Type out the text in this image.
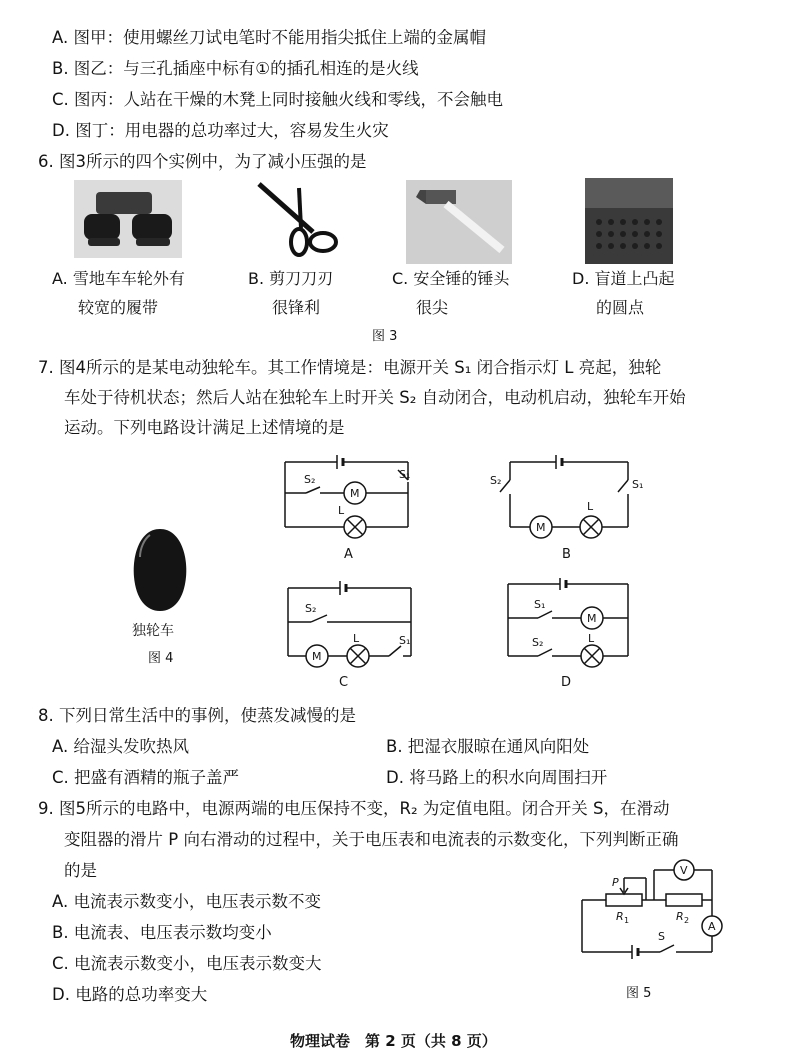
A. 图甲：使用螺丝刀试电笔时不能用指尖抵住上端的金属帽
B. 图乙：与三孔插座中标有①的插孔相连的是火线
C. 图丙：人站在干燥的木凳上同时接触火线和零线，不会触电
D. 图丁：用电器的总功率过大，容易发生火灾
6. 图3所示的四个实例中，为了减小压强的是
A. 雪地车车轮外有
较宽的履带
B. 剪刀刀刃
很锋利
C. 安全锤的锤头
很尖
D. 盲道上凸起
的圆点
图 3
7. 图4所示的是某电动独轮车。其工作情境是：电源开关 S₁ 闭合指示灯 L 亮起，独轮
车处于待机状态；然后人站在独轮车上时开关 S₂ 自动闭合，电动机启动，独轮车开始
运动。下列电路设计满足上述情境的是
独轮车
图 4
S₂	S₁
M
L
A
S₂	S₁
M
L
B
S₂
S₁
M
L
C
S₁
S₂
M
L
D
8. 下列日常生活中的事例，使蒸发减慢的是
A. 给湿头发吹热风	B. 把湿衣服晾在通风向阳处
C. 把盛有酒精的瓶子盖严	D. 将马路上的积水向周围扫开
9. 图5所示的电路中，电源两端的电压保持不变，R₂ 为定值电阻。闭合开关 S，在滑动
变阻器的滑片 P 向右滑动的过程中，关于电压表和电流表的示数变化，下列判断正确
的是
A. 电流表示数变小，电压表示数不变
B. 电流表、电压表示数均变小
C. 电流表示数变小，电压表示数变大
D. 电路的总功率变大
P
R 1	R 2
V
A
S
图 5
物理试卷　第 2 页（共 8 页）
